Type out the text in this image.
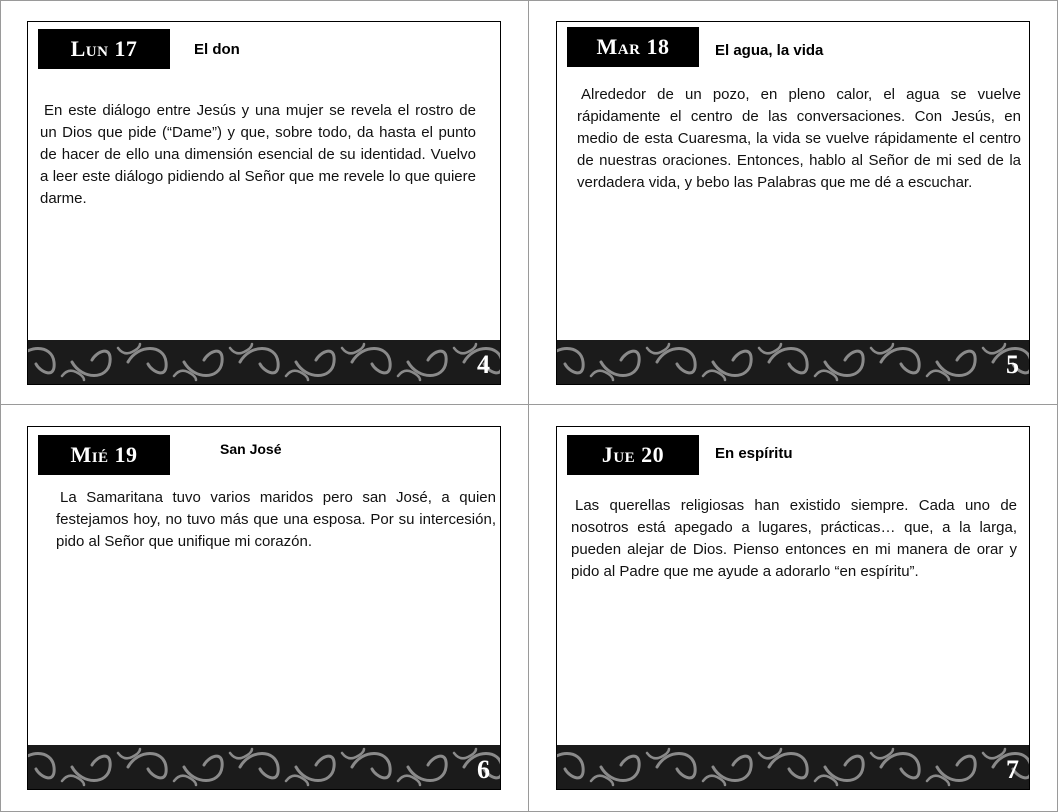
Lun 17	El don
En este diálogo entre Jesús y una mujer se revela el rostro de un Dios que pide (“Dame”) y que, sobre todo, da hasta el punto de hacer de ello una dimensión esencial de su identidad. Vuelvo a leer este diálogo pidiendo al Señor que me revele lo que quiere darme.
4
Mar 18	El agua, la vida
Alrededor de un pozo, en pleno calor, el agua se vuelve rápidamente el centro de las conversaciones. Con Jesús, en medio de esta Cuaresma, la vida se vuelve rápidamente el centro de nuestras oraciones. Entonces, hablo al Señor de mi sed de la verdadera vida, y bebo las Palabras que me dé a escuchar.
5
Mié 19	San José
La Samaritana tuvo varios maridos pero san José, a quien festejamos hoy, no tuvo más que una esposa. Por su intercesión, pido al Señor que unifique mi corazón.
6
Jue 20	En espíritu
Las querellas religiosas han existido siempre. Cada uno de nosotros está apegado a lugares, prácticas… que, a la larga, pueden alejar de Dios. Pienso entonces en mi manera de orar y pido al Padre que me ayude a adorarlo “en espíritu”.
7
